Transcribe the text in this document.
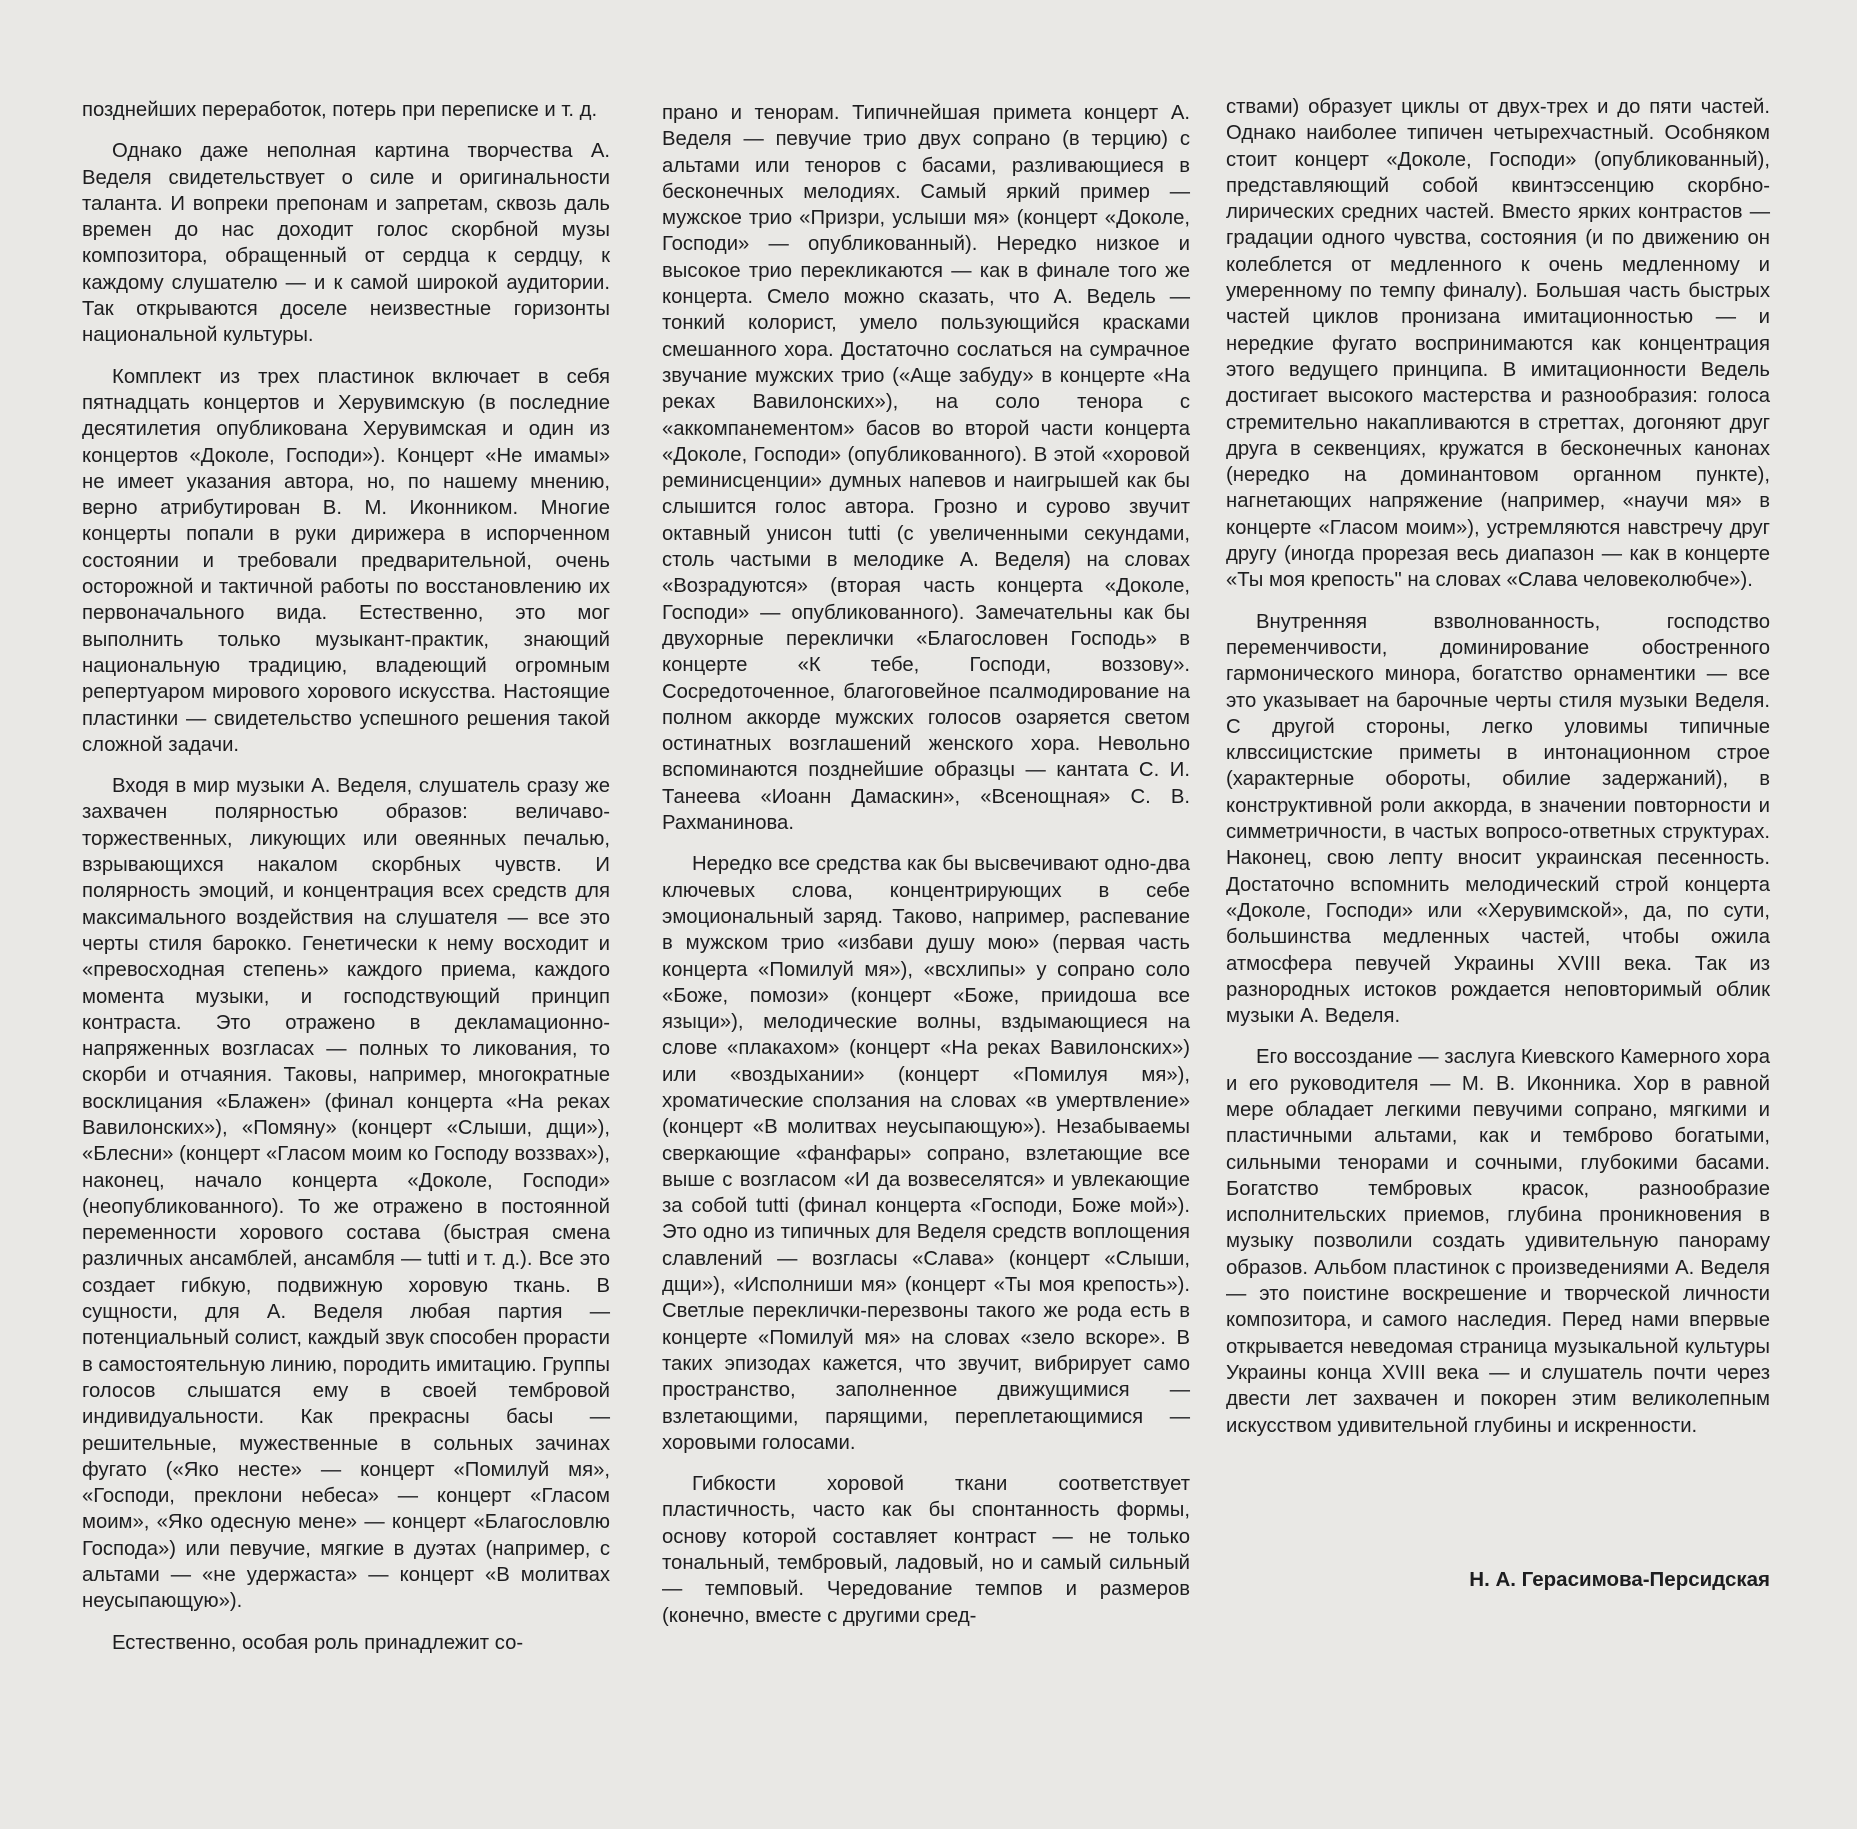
позднейших переработок, потерь при переписке и т. д.

Однако даже неполная картина творчества А. Веделя свидетельствует о силе и оригинальности таланта. И вопреки препонам и запретам, сквозь даль времен до нас доходит голос скорбной музы композитора, обращенный от сердца к сердцу, к каждому слушателю — и к самой широкой аудитории. Так открываются доселе неизвестные горизонты национальной культуры.

Комплект из трех пластинок включает в себя пятнадцать концертов и Херувимскую (в последние десятилетия опубликована Херувимская и один из концертов «Доколе, Господи»). Концерт «Не имамы» не имеет указания автора, но, по нашему мнению, верно атрибутирован В. М. Иконником. Многие концерты попали в руки дирижера в испорченном состоянии и требовали предварительной, очень осторожной и тактичной работы по восстановлению их первоначального вида. Естественно, это мог выполнить только музыкант-практик, знающий национальную традицию, владеющий огромным репертуаром мирового хорового искусства. Настоящие пластинки — свидетельство успешного решения такой сложной задачи.

Входя в мир музыки А. Веделя, слушатель сразу же захвачен полярностью образов: величаво-торжественных, ликующих или овеянных печалью, взрывающихся накалом скорбных чувств. И полярность эмоций, и концентрация всех средств для максимального воздействия на слушателя — все это черты стиля барокко. Генетически к нему восходит и «превосходная степень» каждого приема, каждого момента музыки, и господствующий принцип контраста. Это отражено в декламационно-напряженных возгласах — полных то ликования, то скорби и отчаяния. Таковы, например, многократные восклицания «Блажен» (финал концерта «На реках Вавилонских»), «Помяну» (концерт «Слыши, дщи»), «Блесни» (концерт «Гласом моим ко Господу воззвах»), наконец, начало концерта «Доколе, Господи» (неопубликованного). То же отражено в постоянной переменности хорового состава (быстрая смена различных ансамблей, ансамбля — tutti и т. д.). Все это создает гибкую, подвижную хоровую ткань. В сущности, для А. Веделя любая партия — потенциальный солист, каждый звук способен прорасти в самостоятельную линию, породить имитацию. Группы голосов слышатся ему в своей тембровой индивидуальности. Как прекрасны басы — решительные, мужественные в сольных зачинах фугато («Яко несте» — концерт «Помилуй мя», «Господи, преклони небеса» — концерт «Гласом моим», «Яко одесную мене» — концерт «Благословлю Господа») или певучие, мягкие в дуэтах (например, с альтами — «не удержаста» — концерт «В молитвах неусыпающую»).

Естественно, особая роль принадлежит со-

прано и тенорам. Типичнейшая примета концерт А. Веделя — певучие трио двух сопрано (в терцию) с альтами или теноров с басами, разливающиеся в бесконечных мелодиях. Самый яркий пример — мужское трио «Призри, услыши мя» (концерт «Доколе, Господи» — опубликованный). Нередко низкое и высокое трио перекликаются — как в финале того же концерта. Смело можно сказать, что А. Ведель — тонкий колорист, умело пользующийся красками смешанного хора. Достаточно сослаться на сумрачное звучание мужских трио («Аще забуду» в концерте «На реках Вавилонских»), на соло тенора с «аккомпанементом» басов во второй части концерта «Доколе, Господи» (опубликованного). В этой «хоровой реминисценции» думных напевов и наигрышей как бы слышится голос автора. Грозно и сурово звучит октавный унисон tutti (с увеличенными секундами, столь частыми в мелодике А. Веделя) на словах «Возрадуются» (вторая часть концерта «Доколе, Господи» — опубликованного). Замечательны как бы двухорные переклички «Благословен Господь» в концерте «К тебе, Господи, воззову». Сосредоточенное, благоговейное псалмодирование на полном аккорде мужских голосов озаряется светом остинатных возглашений женского хора. Невольно вспоминаются позднейшие образцы — кантата С. И. Танеева «Иоанн Дамаскин», «Всенощная» С. В. Рахманинова.

Нередко все средства как бы высвечивают одно-два ключевых слова, концентрирующих в себе эмоциональный заряд. Таково, например, распевание в мужском трио «избави душу мою» (первая часть концерта «Помилуй мя»), «всхлипы» у сопрано соло «Боже, помози» (концерт «Боже, приидоша все языци»), мелодические волны, вздымающиеся на слове «плакахом» (концерт «На реках Вавилонских») или «воздыхании» (концерт «Помилуя мя»), хроматические сползания на словах «в умертвление» (концерт «В молитвах неусыпающую»). Незабываемы сверкающие «фанфары» сопрано, взлетающие все выше с возгласом «И да возвеселятся» и увлекающие за собой tutti (финал концерта «Господи, Боже мой»). Это одно из типичных для Веделя средств воплощения славлений — возгласы «Слава» (концерт «Слыши, дщи»), «Исполниши мя» (концерт «Ты моя крепость»). Светлые переклички-перезвоны такого же рода есть в концерте «Помилуй мя» на словах «зело вскоре». В таких эпизодах кажется, что звучит, вибрирует само пространство, заполненное движущимися — взлетающими, парящими, переплетающимися — хоровыми голосами.

Гибкости хоровой ткани соответствует пластичность, часто как бы спонтанность формы, основу которой составляет контраст — не только тональный, тембровый, ладовый, но и самый сильный — темповый. Чередование темпов и размеров (конечно, вместе с другими сред-

ствами) образует циклы от двух-трех и до пяти частей. Однако наиболее типичен четырехчастный. Особняком стоит концерт «Доколе, Господи» (опубликованный), представляющий собой квинтэссенцию скорбно-лирических средних частей. Вместо ярких контрастов — градации одного чувства, состояния (и по движению он колеблется от медленного к очень медленному и умеренному по темпу финалу). Большая часть быстрых частей циклов пронизана имитационностью — и нередкие фугато воспринимаются как концентрация этого ведущего принципа. В имитационности Ведель достигает высокого мастерства и разнообразия: голоса стремительно накапливаются в стреттах, догоняют друг друга в секвенциях, кружатся в бесконечных канонах (нередко на доминантовом органном пункте), нагнетающих напряжение (например, «научи мя» в концерте «Гласом моим»), устремляются навстречу друг другу (иногда прорезая весь диапазон — как в концерте «Ты моя крепость" на словах «Слава человеколюбче»).

Внутренняя взволнованность, господство переменчивости, доминирование обостренного гармонического минора, богатство орнаментики — все это указывает на барочные черты стиля музыки Веделя. С другой стороны, легко уловимы типичные клвссицистские приметы в интонационном строе (характерные обороты, обилие задержаний), в конструктивной роли аккорда, в значении повторности и симметричности, в частых вопросо-ответных структурах. Наконец, свою лепту вносит украинская песенность. Достаточно вспомнить мелодический строй концерта «Доколе, Господи» или «Херувимской», да, по сути, большинства медленных частей, чтобы ожила атмосфера певучей Украины XVIII века. Так из разнородных истоков рождается неповторимый облик музыки А. Веделя.

Его воссоздание — заслуга Киевского Камерного хора и его руководителя — М. В. Иконника. Хор в равной мере обладает легкими певучими сопрано, мягкими и пластичными альтами, как и темброво богатыми, сильными тенорами и сочными, глубокими басами. Богатство тембровых красок, разнообразие исполнительских приемов, глубина проникновения в музыку позволили создать удивительную панораму образов. Альбом пластинок с произведениями А. Веделя — это поистине воскрешение и творческой личности композитора, и самого наследия. Перед нами впервые открывается неведомая страница музыкальной культуры Украины конца XVIII века — и слушатель почти через двести лет захвачен и покорен этим великолепным искусством удивительной глубины и искренности.

Н. А. Герасимова-Персидская
